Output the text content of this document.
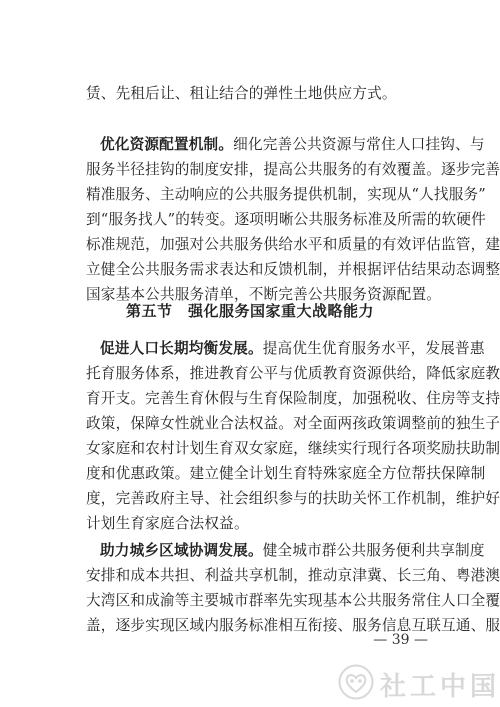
赁、先租后让、租让结合的弹性土地供应方式。
优化资源配置机制。细化完善公共资源与常住人口挂钩、与
服务半径挂钩的制度安排，提高公共服务的有效覆盖。逐步完善
精准服务、主动响应的公共服务提供机制，实现从“人找服务”
到“服务找人”的转变。逐项明晰公共服务标准及所需的软硬件
标准规范，加强对公共服务供给水平和质量的有效评估监管，建
立健全公共服务需求表达和反馈机制，并根据评估结果动态调整
国家基本公共服务清单，不断完善公共服务资源配置。
第五节　强化服务国家重大战略能力
促进人口长期均衡发展。提高优生优育服务水平，发展普惠
托育服务体系，推进教育公平与优质教育资源供给，降低家庭教
育开支。完善生育休假与生育保险制度，加强税收、住房等支持
政策，保障女性就业合法权益。对全面两孩政策调整前的独生子
女家庭和农村计划生育双女家庭，继续实行现行各项奖励扶助制
度和优惠政策。建立健全计划生育特殊家庭全方位帮扶保障制
度，完善政府主导、社会组织参与的扶助关怀工作机制，维护好
计划生育家庭合法权益。
助力城乡区域协调发展。健全城市群公共服务便利共享制度
安排和成本共担、利益共享机制，推动京津冀、长三角、粤港澳
大湾区和成渝等主要城市群率先实现基本公共服务常住人口全覆
盖，逐步实现区域内服务标准相互衔接、服务信息互联互通、服
— 39 —
社工中国
